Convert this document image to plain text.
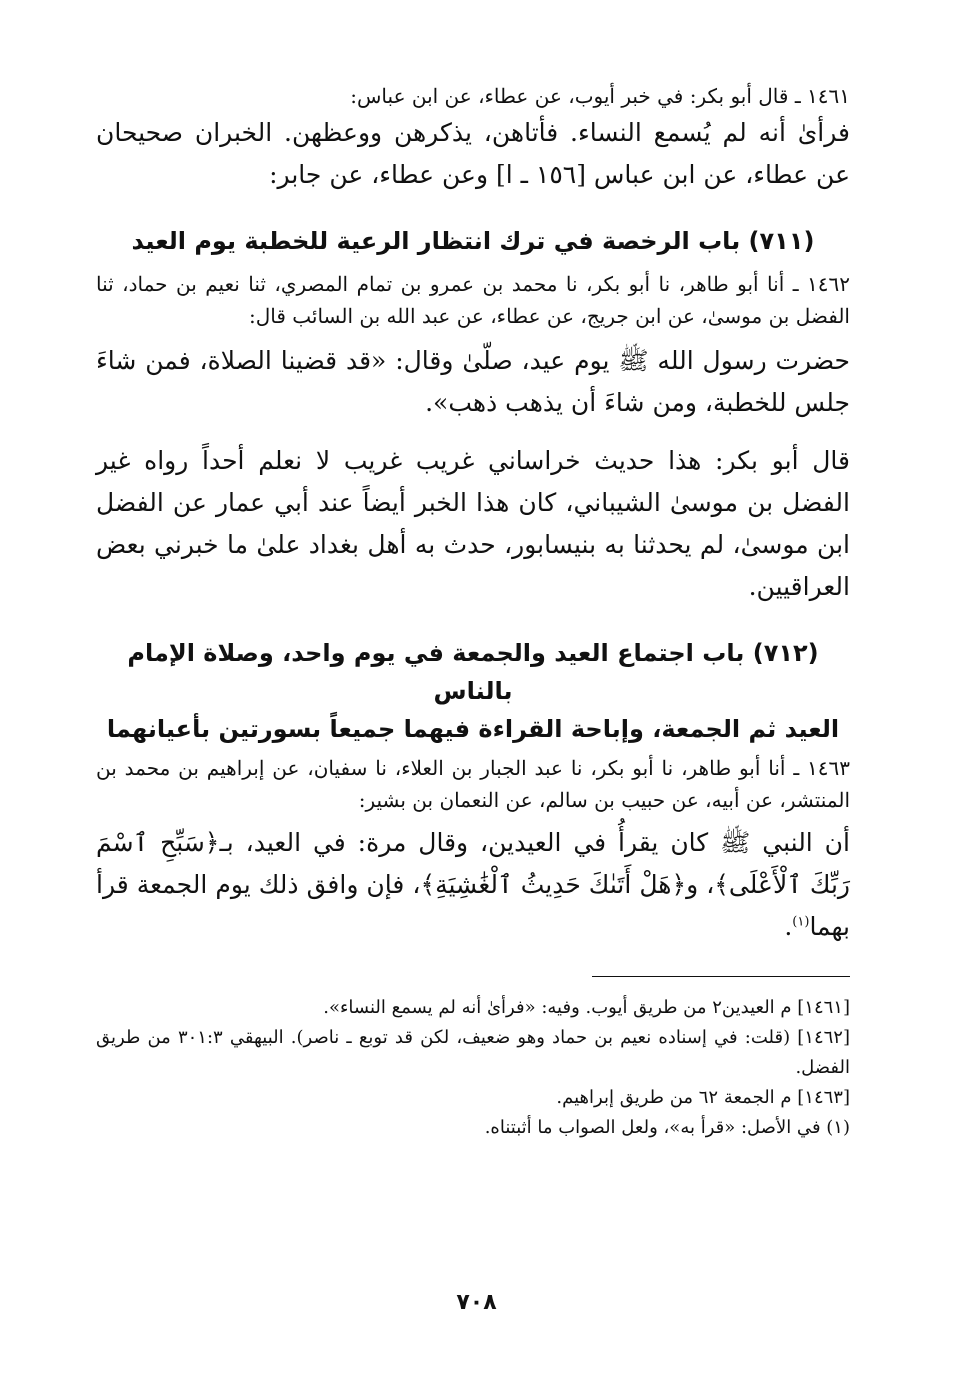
١٤٦١ ـ قال أبو بكر: في خبر أيوب، عن عطاء، عن ابن عباس:

فرأىٰ أنه لم يُسمع النساء. فأتاهن، يذكرهن ووعظهن. الخبران صحيحان عن عطاء، عن ابن عباس [١٥٦ ـ ا] وعن عطاء، عن جابر:

(٧١١) باب الرخصة في ترك انتظار الرعية للخطبة يوم العيد

١٤٦٢ ـ أنا أبو طاهر، نا أبو بكر، نا محمد بن عمرو بن تمام المصري، ثنا نعيم بن حماد، ثنا الفضل بن موسىٰ، عن ابن جريج، عن عطاء، عن عبد الله بن السائب قال:

حضرت رسول الله ﷺ يوم عيد، صلّىٰ وقال: «قد قضينا الصلاة، فمن شاءَ جلس للخطبة، ومن شاءَ أن يذهب ذهب».

قال أبو بكر: هذا حديث خراساني غريب غريب لا نعلم أحداً رواه غير الفضل بن موسىٰ الشيباني، كان هذا الخبر أيضاً عند أبي عمار عن الفضل ابن موسىٰ، لم يحدثنا به بنيسابور، حدث به أهل بغداد علىٰ ما خبرني بعض العراقيين.

(٧١٢) باب اجتماع العيد والجمعة في يوم واحد، وصلاة الإمام بالناس

العيد ثم الجمعة، وإباحة القراءة فيهما جميعاً بسورتين بأعيانهما

١٤٦٣ ـ أنا أبو طاهر، نا أبو بكر، نا عبد الجبار بن العلاء، نا سفيان، عن إبراهيم بن محمد بن المنتشر، عن أبيه، عن حبيب بن سالم، عن النعمان بن بشير:

أن النبي ﷺ كان يقرأُ في العيدين، وقال مرة: في العيد، بـ﴿سَبِّحِ ٱسْمَ رَبِّكَ ٱلْأَعْلَى﴾، و﴿هَلْ أَتَىٰكَ حَدِيثُ ٱلْغَٰشِيَةِ﴾، فإن وافق ذلك يوم الجمعة قرأ بهما$^{(١)}$.

[١٤٦١] م العيدين٢ من طريق أيوب. وفيه: «فرأىٰ أنه لم يسمع النساء».

[١٤٦٢] (قلت: في إسناده نعيم بن حماد وهو ضعيف، لكن قد توبع ـ ناصر). البيهقي ٣٠١:٣ من طريق الفضل.

[١٤٦٣] م الجمعة ٦٢ من طريق إبراهيم.

(١) في الأصل: «قرأ به»، ولعل الصواب ما أثبتناه.

٧٠٨
